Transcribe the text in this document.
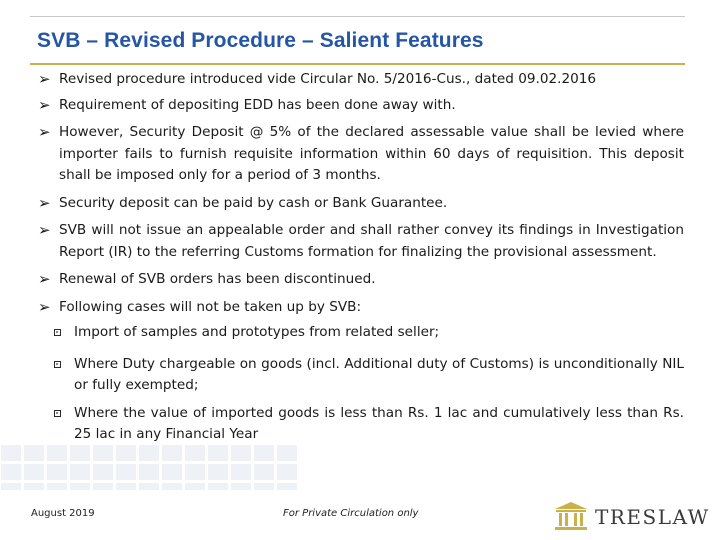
SVB – Revised Procedure – Salient Features
➢ Revised procedure introduced vide Circular No. 5/2016-Cus., dated 09.02.2016
➢ Requirement of depositing EDD has been done away with.
➢ However, Security Deposit @ 5% of the declared assessable value shall be levied where importer fails to furnish requisite information within 60 days of requisition. This deposit shall be imposed only for a period of 3 months.
➢ Security deposit can be paid by cash or Bank Guarantee.
➢ SVB will not issue an appealable order and shall rather convey its findings in Investigation Report (IR) to the referring Customs formation for finalizing the provisional assessment.
➢ Renewal of SVB orders has been discontinued.
➢ Following cases will not be taken up by SVB:
Import of samples and prototypes from related seller;
Where Duty chargeable on goods (incl. Additional duty of Customs) is unconditionally NIL or fully exempted;
Where the value of imported goods is less than Rs. 1 lac and cumulatively less than Rs. 25 lac in any Financial Year
August 2019	For Private Circulation only	TRESLAW
